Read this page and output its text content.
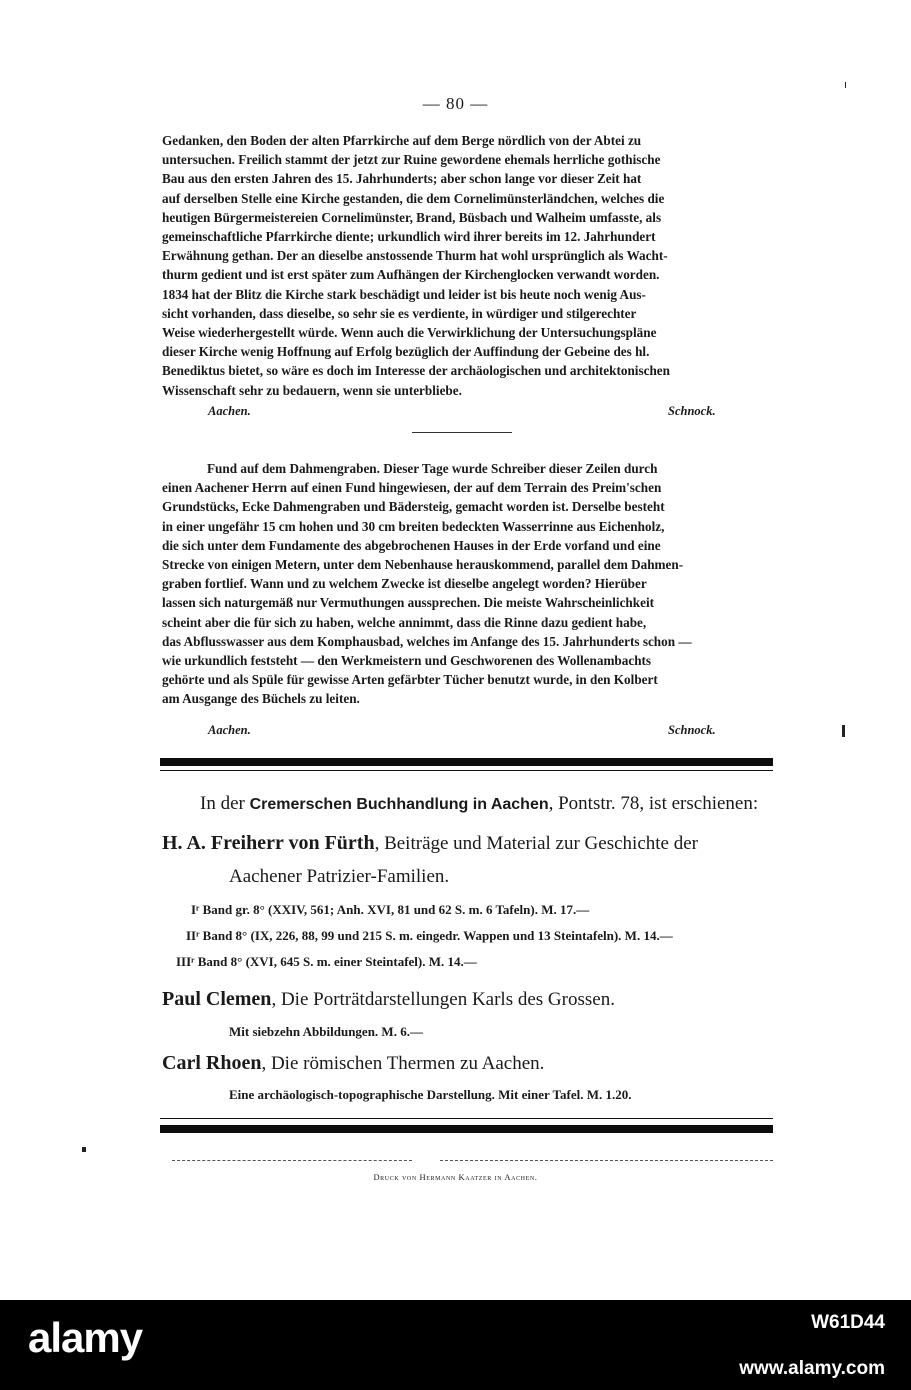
— 80 —

Gedanken, den Boden der alten Pfarrkirche auf dem Berge nördlich von der Abtei zu

untersuchen. Freilich stammt der jetzt zur Ruine gewordene ehemals herrliche gothische

Bau aus den ersten Jahren des 15. Jahrhunderts; aber schon lange vor dieser Zeit hat

auf derselben Stelle eine Kirche gestanden, die dem Cornelimünsterländchen, welches die

heutigen Bürgermeistereien Cornelimünster, Brand, Büsbach und Walheim umfasste, als

gemeinschaftliche Pfarrkirche diente; urkundlich wird ihrer bereits im 12. Jahrhundert

Erwähnung gethan. Der an dieselbe anstossende Thurm hat wohl ursprünglich als Wacht-

thurm gedient und ist erst später zum Aufhängen der Kirchenglocken verwandt worden.

1834 hat der Blitz die Kirche stark beschädigt und leider ist bis heute noch wenig Aus-

sicht vorhanden, dass dieselbe, so sehr sie es verdiente, in würdiger und stilgerechter

Weise wiederhergestellt würde. Wenn auch die Verwirklichung der Untersuchungspläne

dieser Kirche wenig Hoffnung auf Erfolg bezüglich der Auffindung der Gebeine des hl.

Benediktus bietet, so wäre es doch im Interesse der archäologischen und architektonischen

Wissenschaft sehr zu bedauern, wenn sie unterbliebe.

Aachen.	Schnock.

Fund auf dem Dahmengraben. Dieser Tage wurde Schreiber dieser Zeilen durch

einen Aachener Herrn auf einen Fund hingewiesen, der auf dem Terrain des Preim'schen

Grundstücks, Ecke Dahmengraben und Bädersteig, gemacht worden ist. Derselbe besteht

in einer ungefähr 15 cm hohen und 30 cm breiten bedeckten Wasserrinne aus Eichenholz,

die sich unter dem Fundamente des abgebrochenen Hauses in der Erde vorfand und eine

Strecke von einigen Metern, unter dem Nebenhause herauskommend, parallel dem Dahmen-

graben fortlief. Wann und zu welchem Zwecke ist dieselbe angelegt worden? Hierüber

lassen sich naturgemäß nur Vermuthungen aussprechen. Die meiste Wahrscheinlichkeit

scheint aber die für sich zu haben, welche annimmt, dass die Rinne dazu gedient habe,

das Abflusswasser aus dem Komphausbad, welches im Anfange des 15. Jahrhunderts schon —

wie urkundlich feststeht — den Werkmeistern und Geschworenen des Wollenambachts

gehörte und als Spüle für gewisse Arten gefärbter Tücher benutzt wurde, in den Kolbert

am Ausgange des Büchels zu leiten.

Aachen.	Schnock.
In der Cremerschen Buchhandlung in Aachen, Pontstr. 78, ist erschienen:
H. A. Freiherr von Fürth, Beiträge und Material zur Geschichte der
Aachener Patrizier-Familien.
Iʳ Band gr. 8° (XXIV, 561; Anh. XVI, 81 und 62 S. m. 6 Tafeln). M. 17.—
IIʳ Band 8° (IX, 226, 88, 99 und 215 S. m. eingedr. Wappen und 13 Steintafeln). M. 14.—
IIIʳ Band 8° (XVI, 645 S. m. einer Steintafel). M. 14.—
Paul Clemen, Die Porträtdarstellungen Karls des Grossen.
Mit siebzehn Abbildungen. M. 6.—
Carl Rhoen, Die römischen Thermen zu Aachen.
Eine archäologisch-topographische Darstellung. Mit einer Tafel. M. 1.20.
Druck von Hermann Kaatzer in Aachen.
alamy	W61D44
www.alamy.com
